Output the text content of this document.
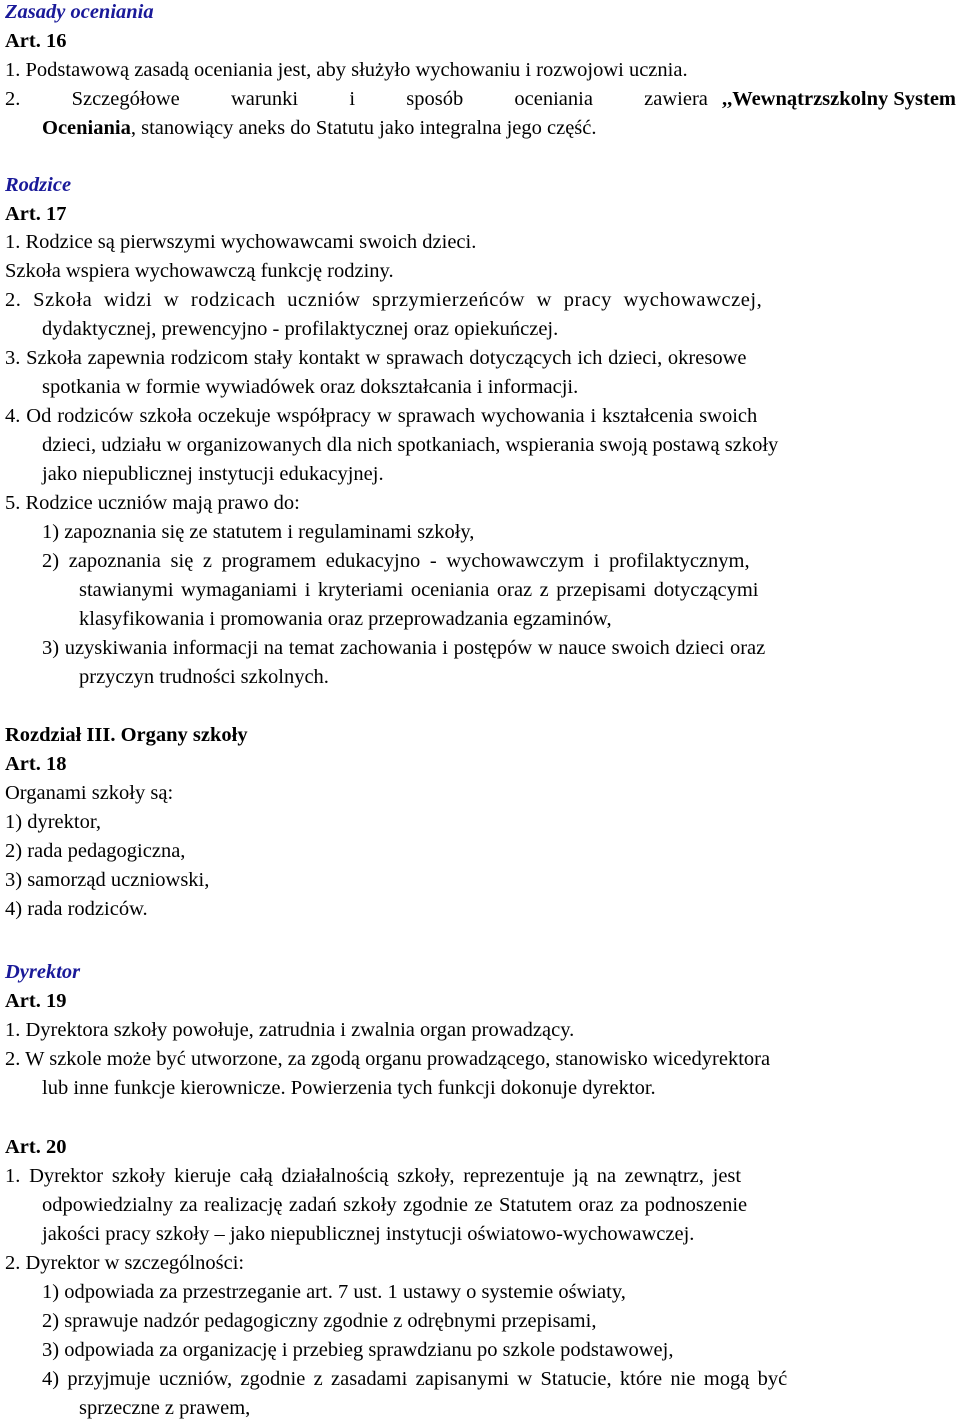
Zasady oceniania
Art. 16
1. Podstawową zasadą oceniania jest, aby służyło wychowaniu i rozwojowi ucznia.
2. Szczegółowe warunki i sposób oceniania zawiera ,,Wewnątrzszkolny System
Oceniania, stanowiący aneks do Statutu jako integralna jego część.
Rodzice
Art. 17
1. Rodzice są pierwszymi wychowawcami swoich dzieci.
Szkoła wspiera wychowawczą funkcję rodziny.
2. Szkoła widzi w rodzicach uczniów sprzymierzeńców w pracy wychowawczej,
dydaktycznej, prewencyjno - profilaktycznej oraz opiekuńczej.
3. Szkoła zapewnia rodzicom stały kontakt w sprawach dotyczących ich dzieci, okresowe
spotkania w formie wywiadówek oraz dokształcania i informacji.
4. Od rodziców szkoła oczekuje współpracy w sprawach wychowania i kształcenia swoich
dzieci, udziału w organizowanych dla nich spotkaniach, wspierania swoją postawą szkoły
jako niepublicznej instytucji edukacyjnej.
5. Rodzice uczniów mają prawo do:
1) zapoznania się ze statutem i regulaminami szkoły,
2) zapoznania się z programem edukacyjno - wychowawczym i profilaktycznym,
stawianymi wymaganiami i kryteriami oceniania oraz z przepisami dotyczącymi
klasyfikowania i promowania oraz przeprowadzania egzaminów,
3) uzyskiwania informacji na temat zachowania i postępów w nauce swoich dzieci oraz
przyczyn trudności szkolnych.
Rozdział III. Organy szkoły
Art. 18
Organami szkoły są:
1) dyrektor,
2) rada pedagogiczna,
3) samorząd uczniowski,
4) rada rodziców.
Dyrektor
Art. 19
1. Dyrektora szkoły powołuje, zatrudnia i zwalnia organ prowadzący.
2. W szkole może być utworzone, za zgodą organu prowadzącego, stanowisko wicedyrektora
lub inne funkcje kierownicze. Powierzenia tych funkcji dokonuje dyrektor.
Art. 20
1. Dyrektor szkoły kieruje całą działalnością szkoły, reprezentuje ją na zewnątrz, jest
odpowiedzialny za realizację zadań szkoły zgodnie ze Statutem oraz za podnoszenie
jakości pracy szkoły – jako niepublicznej instytucji oświatowo-wychowawczej.
2. Dyrektor w szczególności:
1) odpowiada za przestrzeganie art. 7 ust. 1 ustawy o systemie oświaty,
2) sprawuje nadzór pedagogiczny zgodnie z odrębnymi przepisami,
3) odpowiada za organizację i przebieg sprawdzianu po szkole podstawowej,
4) przyjmuje uczniów, zgodnie z zasadami zapisanymi w Statucie, które nie mogą być
sprzeczne z prawem,
